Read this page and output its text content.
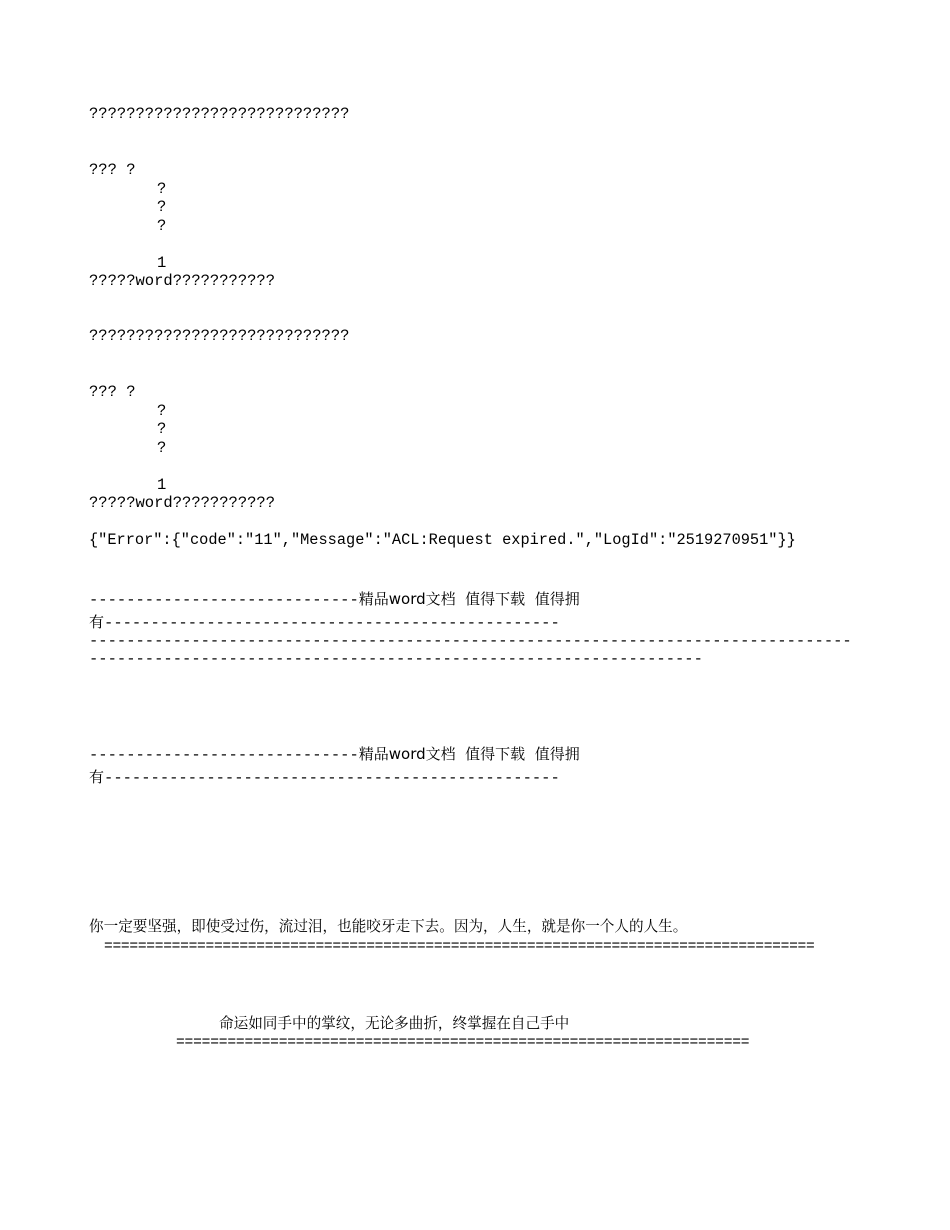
????????????????????????????
??? ?
?
?
?
1
?????word???????????
????????????????????????????
??? ?
?
?
?
1
?????word???????????
{"Error":{"code":"11","Message":"ACL:Request expired.","LogId":"2519270951"}}
-----------------------------精品word文档  值得下载  值得拥
有-------------------------------------------------
----------------------------------------------------------------------------------
------------------------------------------------------------------
-----------------------------精品word文档  值得下载  值得拥
有-------------------------------------------------
你一定要坚强，即使受过伤，流过泪，也能咬牙走下去。因为，人生，就是你一个人的人生。
====================================================================================
命运如同手中的掌纹，无论多曲折，终掌握在自己手中
===================================================================
